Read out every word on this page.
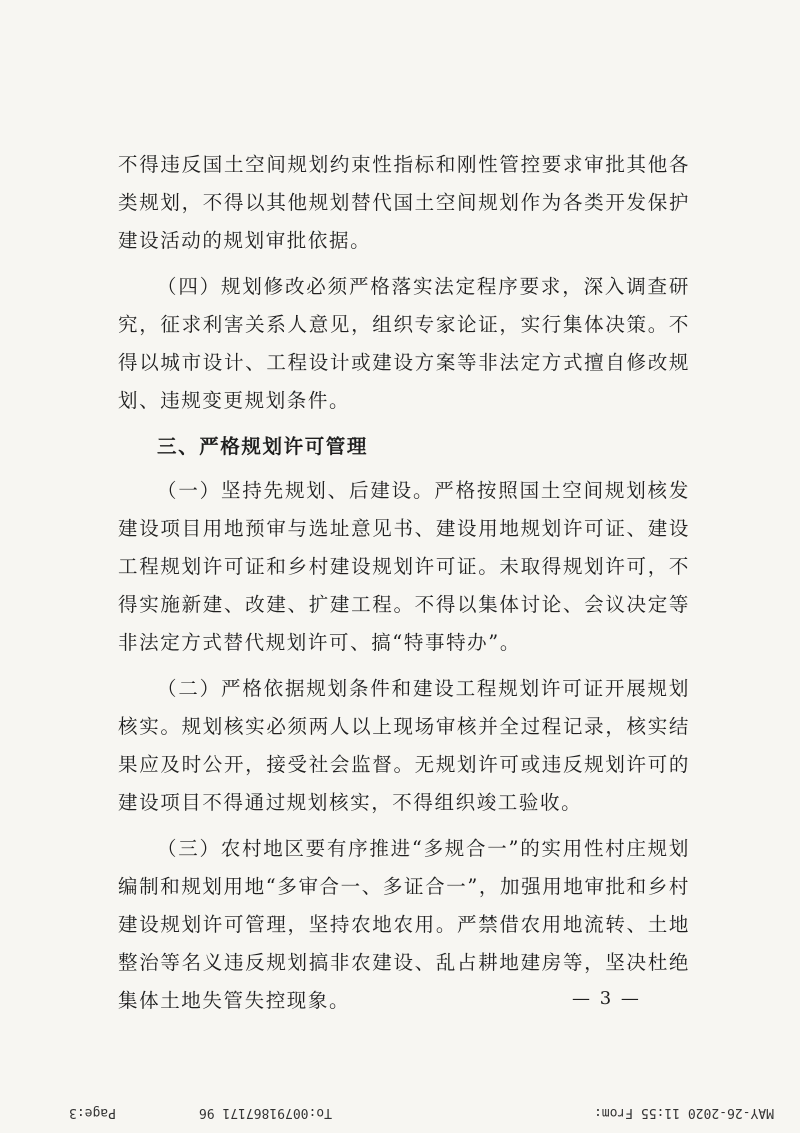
不得违反国土空间规划约束性指标和刚性管控要求审批其他各类规划，不得以其他规划替代国土空间规划作为各类开发保护建设活动的规划审批依据。

（四）规划修改必须严格落实法定程序要求，深入调查研究，征求利害关系人意见，组织专家论证，实行集体决策。不得以城市设计、工程设计或建设方案等非法定方式擅自修改规划、违规变更规划条件。

三、严格规划许可管理

（一）坚持先规划、后建设。严格按照国土空间规划核发建设项目用地预审与选址意见书、建设用地规划许可证、建设工程规划许可证和乡村建设规划许可证。未取得规划许可，不得实施新建、改建、扩建工程。不得以集体讨论、会议决定等非法定方式替代规划许可、搞“特事特办”。

（二）严格依据规划条件和建设工程规划许可证开展规划核实。规划核实必须两人以上现场审核并全过程记录，核实结果应及时公开，接受社会监督。无规划许可或违反规划许可的建设项目不得通过规划核实，不得组织竣工验收。

（三）农村地区要有序推进“多规合一”的实用性村庄规划编制和规划用地“多审合一、多证合一”，加强用地审批和乡村建设规划许可管理，坚持农地农用。严禁借农用地流转、土地整治等名义违反规划搞非农建设、乱占耕地建房等，坚决杜绝集体土地失管失控现象。	— 3 —
MAY-26-2020 11:55 From:
To:00791867171 96
Page:3
